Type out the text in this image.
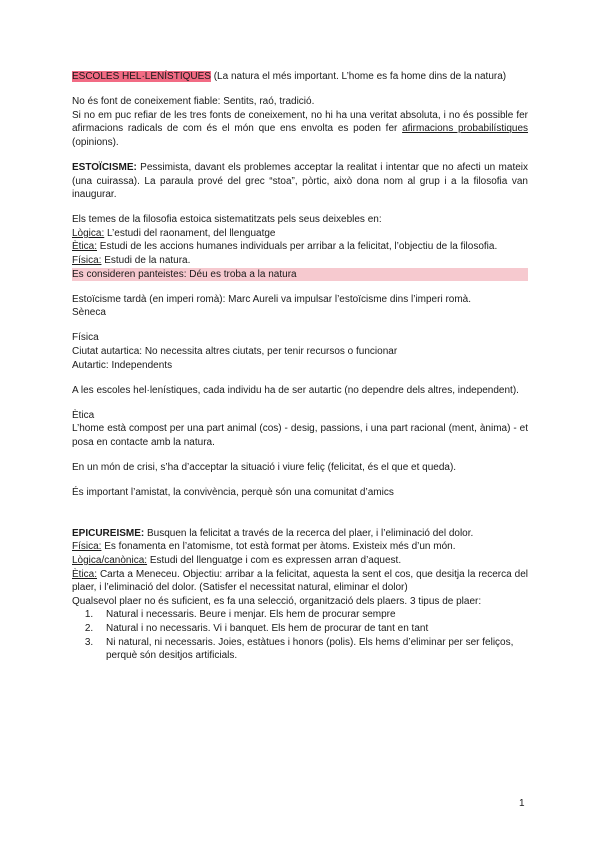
ESCOLES HEL·LENÍSTIQUES (La natura el més important. L’home es fa home dins de la natura)

No és font de coneixement fiable: Sentits, raó, tradició.
Si no em puc refiar de les tres fonts de coneixement, no hi ha una veritat absoluta, i no és possible fer afirmacions radicals de com és el món que ens envolta es poden fer afirmacions probabilístiques (opinions).

ESTOÏCISME: Pessimista, davant els problemes acceptar la realitat i intentar que no afecti un mateix (una cuirassa). La paraula prové del grec “stoa”, pòrtic, això dona nom al grup i a la filosofia van inaugurar.

Els temes de la filosofia estoica sistematitzats pels seus deixebles en:
Lògica: L’estudi del raonament, del llenguatge
Ètica: Estudi de les accions humanes individuals per arribar a la felicitat, l’objectiu de la filosofia.
Física: Estudi de la natura.
Es consideren panteistes: Déu es troba a la natura

Estoïcisme tardà (en imperi romà): Marc Aureli va impulsar l’estoïcisme dins l’imperi romà.
Sèneca

Física
Ciutat autartica: No necessita altres ciutats, per tenir recursos o funcionar
Autartic: Independents

A les escoles hel·lenístiques, cada individu ha de ser autartic (no dependre dels altres, independent).

Ètica
L’home està compost per una part animal (cos) - desig, passions, i una part racional (ment, ànima) - et posa en contacte amb la natura.

En un món de crisi, s’ha d’acceptar la situació i viure feliç (felicitat, és el que et queda).

És important l’amistat, la convivència, perquè són una comunitat d’amics

EPICUREISME: Busquen la felicitat a través de la recerca del plaer, i l’eliminació del dolor.
Física: Es fonamenta en l’atomisme, tot està format per àtoms. Existeix més d’un món.
Lògica/canònica: Estudi del llenguatge i com es expressen arran d’aquest.
Ètica: Carta a Meneceu. Objectiu: arribar a la felicitat, aquesta la sent el cos, que desitja la recerca del plaer, i l’eliminació del dolor. (Satisfer el necessitat natural, eliminar el dolor)
Qualsevol plaer no és suficient, es fa una selecció, organització dels plaers. 3 tipus de plaer:
1. Natural i necessaris. Beure i menjar. Els hem de procurar sempre
2. Natural i no necessaris. Vi i banquet. Els hem de procurar de tant en tant
3. Ni natural, ni necessaris. Joies, estàtues i honors (polis). Els hems d’eliminar per ser feliços, perquè són desitjos artificials.
1
